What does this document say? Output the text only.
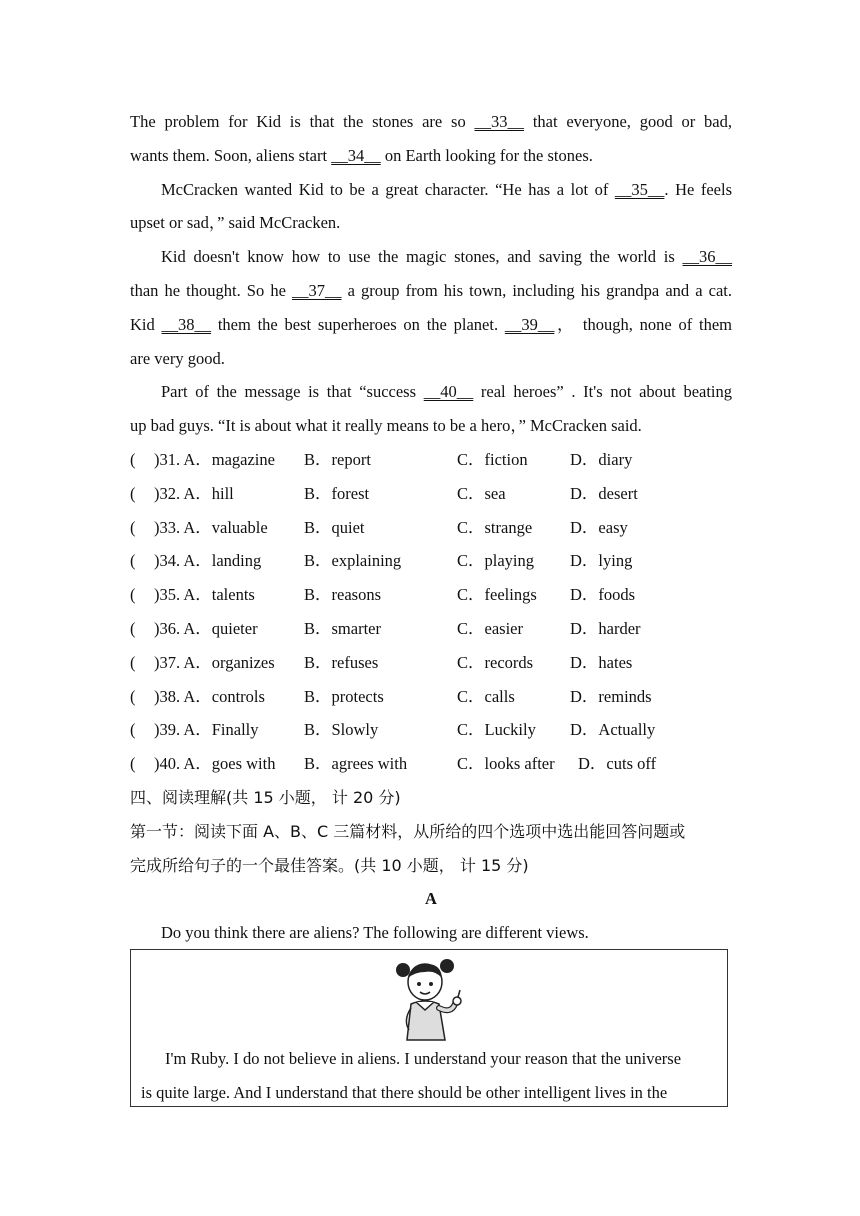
The problem for Kid is that the stones are so __33__ that everyone, good or bad,
wants them. Soon, aliens start __34__ on Earth looking for the stones.
McCracken wanted Kid to be a great character. “He has a lot of __35__. He feels
upset or sad，” said McCracken.
Kid doesn't know how to use the magic stones, and saving the world is __36__
than he thought. So he __37__ a group from his town, including his grandpa and a cat.
Kid __38__ them the best superheroes on the planet. __39__， though, none of them
are very good.
Part of the message is that “success __40__ real heroes” . It's not about beating
up bad guys. “It is about what it really means to be a hero，” McCracken said.
( )31. A．magazine B．report	C．fiction	D．diary
( )32. A．hill	B．forest	C．sea	D．desert
( )33. A．valuable B．quiet	C．strange D．easy
( )34. A．landing	B．explaining	C．playing D．lying
( )35. A．talents	B．reasons	C．feelings D．foods
( )36. A．quieter	B．smarter	C．easier	D．harder
( )37. A．organizes B．refuses	C．records D．hates
( )38. A．controls B．protects	C．calls	D．reminds
( )39. A．Finally	B．Slowly	C．Luckily D．Actually
( )40. A．goes with B．agrees with	C．looks after D．cuts off
四、阅读理解(共 15 小题， 计 20 分)
第一节：阅读下面 A、B、C 三篇材料，从所给的四个选项中选出能回答问题或
完成所给句子的一个最佳答案。(共 10 小题， 计 15 分)
A
Do you think there are aliens? The following are different views.
I'm Ruby. I do not believe in aliens. I understand your reason that the universe
is quite large. And I understand that there should be other intelligent lives in the
